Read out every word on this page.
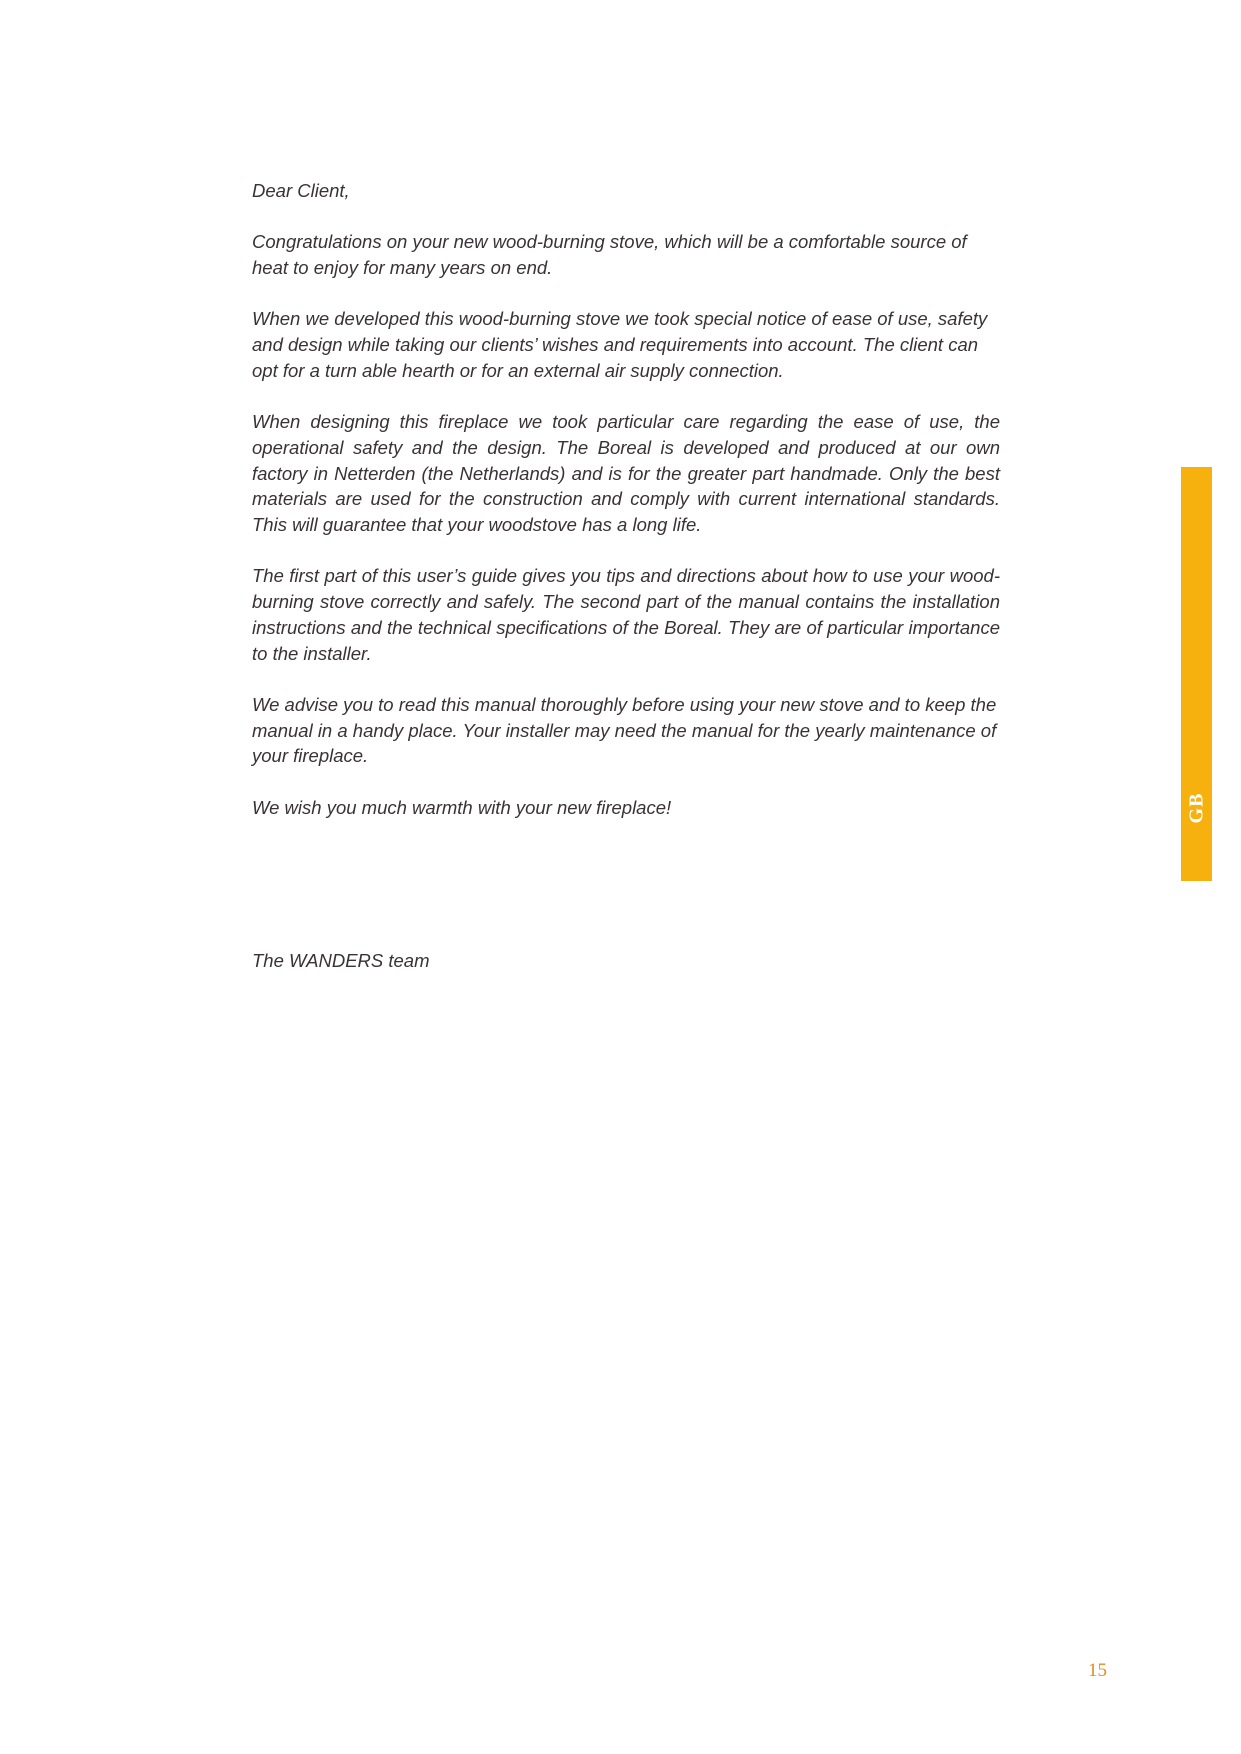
Dear Client,

Congratulations on your new wood-burning stove, which will be a comfortable source of heat to enjoy for many years on end.

When we developed this wood-burning stove we took special notice of ease of use, safety and design while taking our clients’ wishes and requirements into account. The client can opt for a turn able hearth or for an external air supply connection.

When designing this fireplace we took particular care regarding the ease of use, the operational safety and the design. The Boreal is developed and produced at our own factory in Netterden (the Netherlands) and is for the greater part handmade. Only the best materials are used for the construction and comply with current international standards. This will guarantee that your woodstove has a long life.

The first part of this user’s guide gives you tips and directions about how to use your wood-burning stove correctly and safely. The second part of the manual contains the installation instructions and the technical specifications of the Boreal. They are of particular importance to the installer.

We advise you to read this manual thoroughly before using your new stove and to keep the manual in a handy place. Your installer may need the manual for the yearly maintenance of your fireplace.

We wish you much warmth with your new fireplace!

The WANDERS team

GB
15
